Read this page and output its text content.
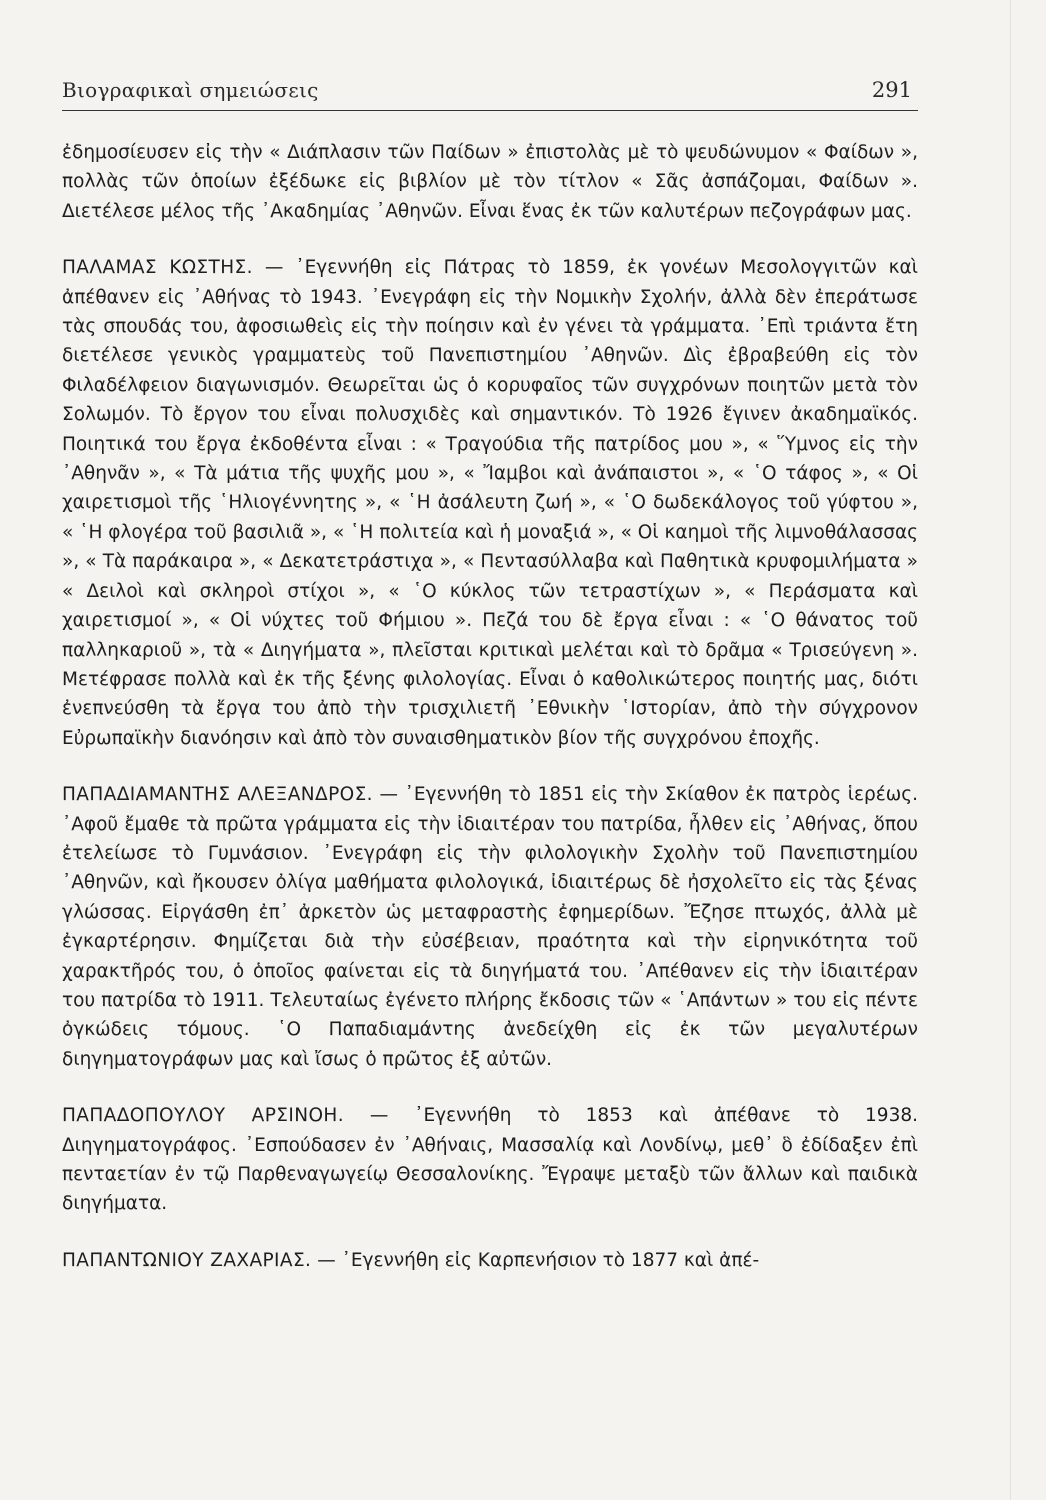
Βιογραφικαὶ σημειώσεις	291

ἐδημοσίευσεν εἰς τὴν « Διάπλασιν τῶν Παίδων » ἐπιστολὰς μὲ τὸ ψευδώνυμον « Φαίδων », πολλὰς τῶν ὁποίων ἐξέδωκε εἰς βιβλίον μὲ τὸν τίτλον « Σᾶς ἀσπάζομαι, Φαίδων ». Διετέλεσε μέλος τῆς ᾿Ακαδημίας ᾿Αθηνῶν. Εἶναι ἕνας ἐκ τῶν καλυτέρων πεζογράφων μας.

ΠΑΛΑΜΑΣ ΚΩΣΤΗΣ. — ᾿Εγεννήθη εἰς Πάτρας τὸ 1859, ἐκ γονέων Μεσολογγιτῶν καὶ ἀπέθανεν εἰς ᾿Αθήνας τὸ 1943. ᾿Ενεγράφη εἰς τὴν Νομικὴν Σχολήν, ἀλλὰ δὲν ἐπεράτωσε τὰς σπουδάς του, ἀφοσιωθεὶς εἰς τὴν ποίησιν καὶ ἐν γένει τὰ γράμματα. ᾿Επὶ τριάντα ἔτη διετέλεσε γενικὸς γραμματεὺς τοῦ Πανεπιστημίου ᾿Αθηνῶν. Δὶς ἐβραβεύθη εἰς τὸν Φιλαδέλφειον διαγωνισμόν. Θεωρεῖται ὡς ὁ κορυφαῖος τῶν συγχρόνων ποιητῶν μετὰ τὸν Σολωμόν. Τὸ ἔργον του εἶναι πολυσχιδὲς καὶ σημαντικόν. Τὸ 1926 ἔγινεν ἀκαδημαϊκός. Ποιητικά του ἔργα ἐκδοθέντα εἶναι : « Τραγούδια τῆς πατρίδος μου », « Ὕμνος εἰς τὴν ᾿Αθηνᾶν », « Τὰ μάτια τῆς ψυχῆς μου », « Ἴαμβοι καὶ ἀνάπαιστοι », « ῾Ο τάφος », « Οἱ χαιρετισμοὶ τῆς ῾Ηλιογέννητης », « ῾Η ἀσάλευτη ζωή », « ῾Ο δωδεκάλογος τοῦ γύφτου », « ῾Η φλογέρα τοῦ βασιλιᾶ », « ῾Η πολιτεία καὶ ἡ μοναξιά », « Οἱ καημοὶ τῆς λιμνοθάλασσας », « Τὰ παράκαιρα », « Δεκατετράστιχα », « Πεντασύλλαβα καὶ Παθητικὰ κρυφομιλήματα » « Δειλοὶ καὶ σκληροὶ στίχοι », « ῾Ο κύκλος τῶν τετραστίχων », « Περάσματα καὶ χαιρετισμοί », « Οἱ νύχτες τοῦ Φήμιου ». Πεζά του δὲ ἔργα εἶναι : « ῾Ο θάνατος τοῦ παλληκαριοῦ », τὰ « Διηγήματα », πλεῖσται κριτικαὶ μελέται καὶ τὸ δρᾶμα « Τρισεύγενη ». Μετέφρασε πολλὰ καὶ ἐκ τῆς ξένης φιλολογίας. Εἶναι ὁ καθολικώτερος ποιητής μας, διότι ἐνεπνεύσθη τὰ ἔργα του ἀπὸ τὴν τρισχιλιετῆ ᾿Εθνικὴν ῾Ιστορίαν, ἀπὸ τὴν σύγχρονον Εὐρωπαϊκὴν διανόησιν καὶ ἀπὸ τὸν συναισθηματικὸν βίον τῆς συγχρόνου ἐποχῆς.

ΠΑΠΑΔΙΑΜΑΝΤΗΣ ΑΛΕΞΑΝΔΡΟΣ. — ᾿Εγεννήθη τὸ 1851 εἰς τὴν Σκίαθον ἐκ πατρὸς ἱερέως. ᾿Αφοῦ ἔμαθε τὰ πρῶτα γράμματα εἰς τὴν ἰδιαιτέραν του πατρίδα, ἦλθεν εἰς ᾿Αθήνας, ὅπου ἐτελείωσε τὸ Γυμνάσιον. ᾿Ενεγράφη εἰς τὴν φιλολογικὴν Σχολὴν τοῦ Πανεπιστημίου ᾿Αθηνῶν, καὶ ἤκουσεν ὀλίγα μαθήματα φιλολογικά, ἰδιαιτέρως δὲ ἠσχολεῖτο εἰς τὰς ξένας γλώσσας. Εἰργάσθη ἐπ᾿ ἀρκετὸν ὡς μεταφραστὴς ἐφημερίδων. Ἔζησε πτωχός, ἀλλὰ μὲ ἐγκαρτέρησιν. Φημίζεται διὰ τὴν εὐσέβειαν, πραότητα καὶ τὴν εἰρηνικότητα τοῦ χαρακτῆρός του, ὁ ὁποῖος φαίνεται εἰς τὰ διηγήματά του. ᾿Απέθανεν εἰς τὴν ἰδιαιτέραν του πατρίδα τὸ 1911. Τελευταίως ἐγένετο πλήρης ἔκδοσις τῶν « ῾Απάντων » του εἰς πέντε ὀγκώδεις τόμους. ῾Ο Παπαδιαμάντης ἀνεδείχθη εἰς ἐκ τῶν μεγαλυτέρων διηγηματογράφων μας καὶ ἴσως ὁ πρῶτος ἐξ αὐτῶν.

ΠΑΠΑΔΟΠΟΥΛΟΥ ΑΡΣΙΝΟΗ. — ᾿Εγεννήθη τὸ 1853 καὶ ἀπέθανε τὸ 1938. Διηγηματογράφος. ᾿Εσπούδασεν ἐν ᾿Αθήναις, Μασσαλίᾳ καὶ Λονδίνῳ, μεθ᾿ ὃ ἐδίδαξεν ἐπὶ πενταετίαν ἐν τῷ Παρθεναγωγείῳ Θεσσαλονίκης. Ἔγραψε μεταξὺ τῶν ἄλλων καὶ παιδικὰ διηγήματα.

ΠΑΠΑΝΤΩΝΙΟΥ ΖΑΧΑΡΙΑΣ. — ᾿Εγεννήθη εἰς Καρπενήσιον τὸ 1877 καὶ ἀπέ-
